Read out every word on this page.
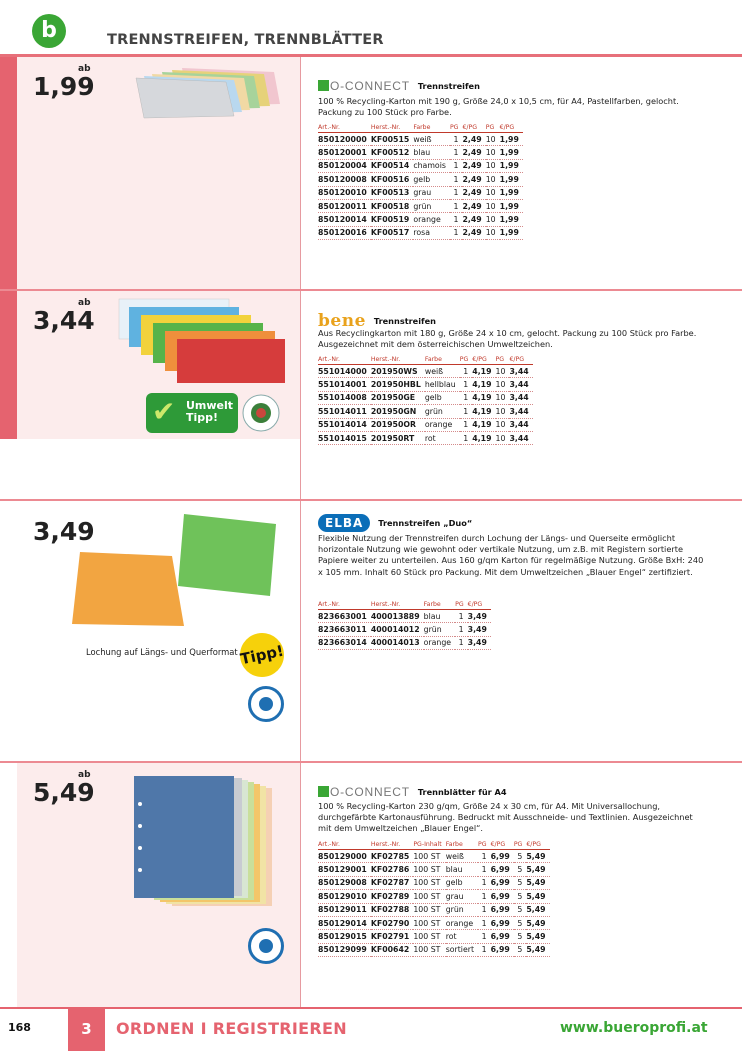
b	TRENNSTREIFEN, TRENNBLÄTTER
ab
1,99	O-CONNECT Trennstreifen
100 % Recycling-Karton mit 190 g, Größe 24,0 x 10,5 cm, für A4, Pastellfarben, gelocht. Packung zu 100 Stück pro Farbe.
Art.-Nr.	Herst.-Nr.	Farbe	PG	€/PG	PG	€/PG
850120000	KF00515	weiß	1	2,49	10	1,99
850120001	KF00512	blau	1	2,49	10	1,99
850120004	KF00514	chamois	1	2,49	10	1,99
850120008	KF00516	gelb	1	2,49	10	1,99
850120010	KF00513	grau	1	2,49	10	1,99
850120011	KF00518	grün	1	2,49	10	1,99
850120014	KF00519	orange	1	2,49	10	1,99
850120016	KF00517	rosa	1	2,49	10	1,99
ab
3,44
Umwelt Tipp!
✔
bene Trennstreifen
Aus Recyclingkarton mit 180 g, Größe 24 x 10 cm, gelocht. Packung zu 100 Stück pro Farbe. Ausgezeichnet mit dem österreichischen Umweltzeichen.
Art.-Nr.	Herst.-Nr.	Farbe	PG	€/PG	PG	€/PG
551014000	201950WS	weiß	1	4,19	10	3,44
551014001	201950HBL	hellblau	1	4,19	10	3,44
551014008	201950GE	gelb	1	4,19	10	3,44
551014011	201950GN	grün	1	4,19	10	3,44
551014014	201950OR	orange	1	4,19	10	3,44
551014015	201950RT	rot	1	4,19	10	3,44
3,49
Lochung auf Längs- und Querformat Tipp!
ELBA	Trennstreifen „Duo“
Flexible Nutzung der Trennstreifen durch Lochung der Längs- und Querseite ermöglicht horizontale Nutzung wie gewohnt oder vertikale Nutzung, um z.B. mit Registern sortierte Papiere weiter zu unterteilen. Aus 160 g/qm Karton für regelmäßige Nutzung. Größe BxH: 240 x 105 mm. Inhalt 60 Stück pro Packung. Mit dem Umweltzeichen „Blauer Engel“ zertifiziert.
Art.-Nr.	Herst.-Nr.	Farbe	PG	€/PG
823663001	400013889	blau	1	3,49
823663011	400014012	grün	1	3,49
823663014	400014013	orange	1	3,49
ab
5,49	O-CONNECT Trennblätter für A4
100 % Recycling-Karton 230 g/qm, Größe 24 x 30 cm, für A4. Mit Universallochung, durchgefärbte Kartonausführung. Bedruckt mit Ausschneide- und Textlinien. Ausgezeichnet mit dem Umweltzeichen „Blauer Engel“.
Art.-Nr.	Herst.-Nr.	PG-Inhalt	Farbe	PG	€/PG	PG	€/PG
850129000	KF02785	100 ST	weiß	1	6,99	5	5,49
850129001	KF02786	100 ST	blau	1	6,99	5	5,49
850129008	KF02787	100 ST	gelb	1	6,99	5	5,49
850129010	KF02789	100 ST	grau	1	6,99	5	5,49
850129011	KF02788	100 ST	grün	1	6,99	5	5,49
850129014	KF02790	100 ST	orange	1	6,99	5	5,49
850129015	KF02791	100 ST	rot	1	6,99	5	5,49
850129099	KF00642	100 ST	sortiert	1	6,99	5	5,49
168	3	ORDNEN I REGISTRIEREN	www.bueroprofi.at
